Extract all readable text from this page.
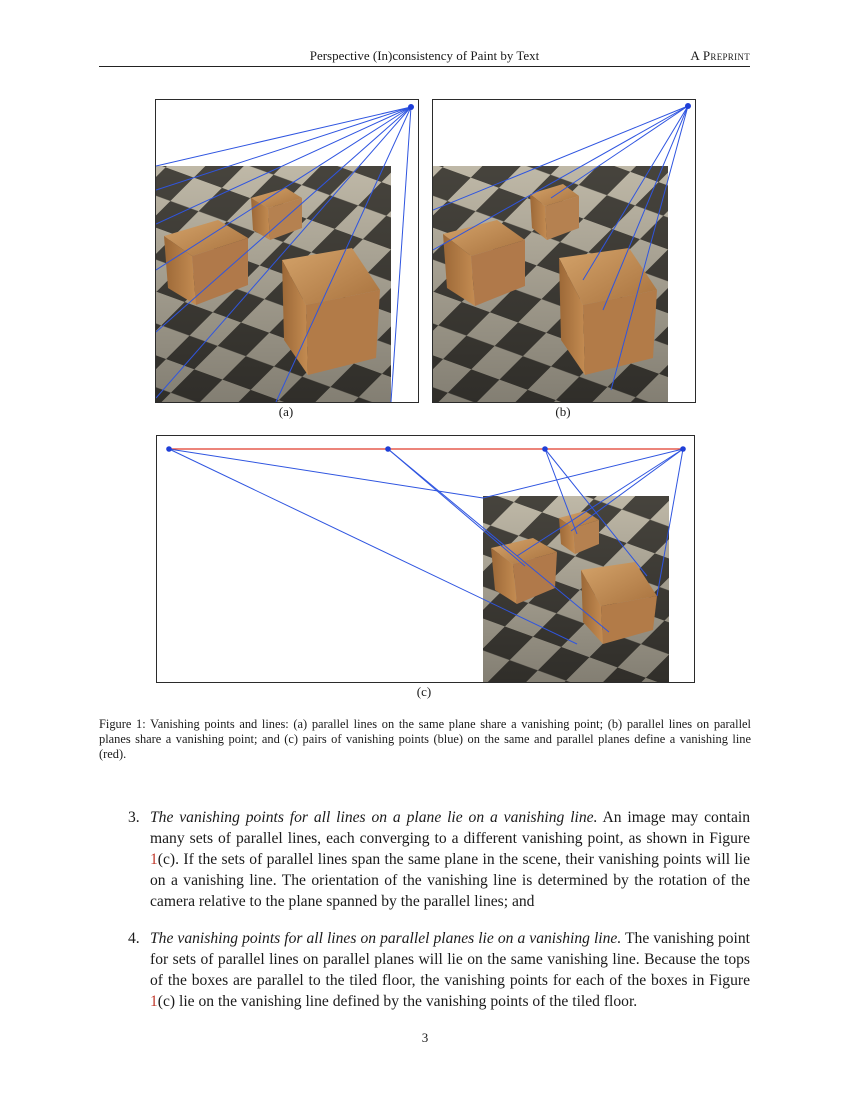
Perspective (In)consistency of Paint by Text	A Preprint
(a)	(b)
(c)
Figure 1: Vanishing points and lines: (a) parallel lines on the same plane share a vanishing point; (b) parallel lines on parallel planes share a vanishing point; and (c) pairs of vanishing points (blue) on the same and parallel planes define a vanishing line (red).
3. The vanishing points for all lines on a plane lie on a vanishing line. An image may contain many sets of parallel lines, each converging to a different vanishing point, as shown in Figure 1(c). If the sets of parallel lines span the same plane in the scene, their vanishing points will lie on a vanishing line. The orientation of the vanishing line is determined by the rotation of the camera relative to the plane spanned by the parallel lines; and
4. The vanishing points for all lines on parallel planes lie on a vanishing line. The vanishing point for sets of parallel lines on parallel planes will lie on the same vanishing line. Because the tops of the boxes are parallel to the tiled floor, the vanishing points for each of the boxes in Figure 1(c) lie on the vanishing line defined by the vanishing points of the tiled floor.
3
